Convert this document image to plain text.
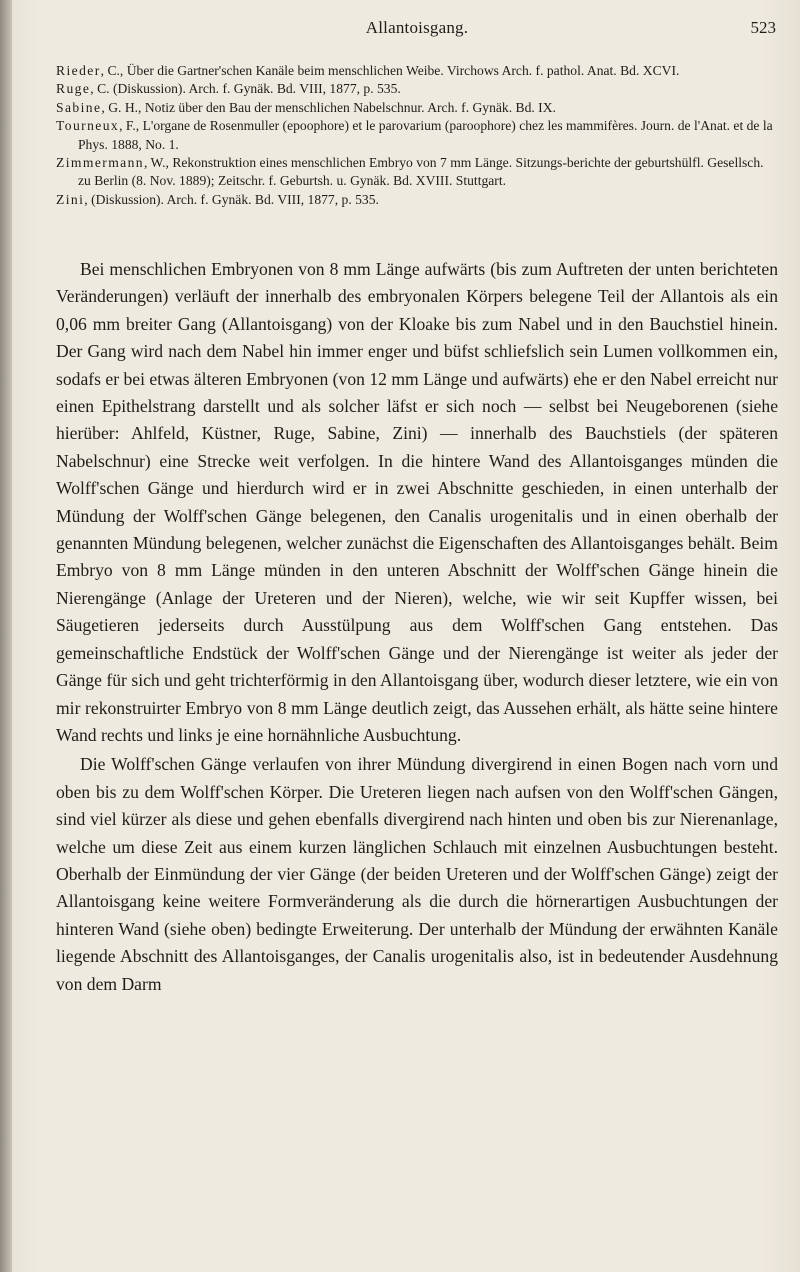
Allantoisgang.	523

Rieder, C., Über die Gartner'schen Kanäle beim menschlichen Weibe. Virchows Arch. f. pathol. Anat. Bd. XCVI.

Ruge, C. (Diskussion). Arch. f. Gynäk. Bd. VIII, 1877, p. 535.

Sabine, G. H., Notiz über den Bau der menschlichen Nabelschnur. Arch. f. Gynäk. Bd. IX.

Tourneux, F., L'organe de Rosenmuller (epoophore) et le parovarium (paroophore) chez les mammifères. Journ. de l'Anat. et de la Phys. 1888, No. 1.

Zimmermann, W., Rekonstruktion eines menschlichen Embryo von 7 mm Länge. Sitzungs-berichte der geburtshülfl. Gesellsch. zu Berlin (8. Nov. 1889); Zeitschr. f. Geburtsh. u. Gynäk. Bd. XVIII. Stuttgart.

Zini, (Diskussion). Arch. f. Gynäk. Bd. VIII, 1877, p. 535.

Bei menschlichen Embryonen von 8 mm Länge aufwärts (bis zum Auftreten der unten berichteten Veränderungen) verläuft der innerhalb des embryonalen Körpers belegene Teil der Allantois als ein 0,06 mm breiter Gang (Allantoisgang) von der Kloake bis zum Nabel und in den Bauchstiel hinein. Der Gang wird nach dem Nabel hin immer enger und büfst schliefslich sein Lumen vollkommen ein, sodafs er bei etwas älteren Embryonen (von 12 mm Länge und aufwärts) ehe er den Nabel erreicht nur einen Epithelstrang darstellt und als solcher läfst er sich noch — selbst bei Neugeborenen (siehe hierüber: Ahlfeld, Küstner, Ruge, Sabine, Zini) — innerhalb des Bauchstiels (der späteren Nabelschnur) eine Strecke weit verfolgen. In die hintere Wand des Allantoisganges münden die Wolff'schen Gänge und hierdurch wird er in zwei Abschnitte geschieden, in einen unterhalb der Mündung der Wolff'schen Gänge belegenen, den Canalis urogenitalis und in einen oberhalb der genannten Mündung belegenen, welcher zunächst die Eigenschaften des Allantoisganges behält. Beim Embryo von 8 mm Länge münden in den unteren Abschnitt der Wolff'schen Gänge hinein die Nierengänge (Anlage der Ureteren und der Nieren), welche, wie wir seit Kupffer wissen, bei Säugetieren jederseits durch Ausstülpung aus dem Wolff'schen Gang entstehen. Das gemeinschaftliche Endstück der Wolff'schen Gänge und der Nierengänge ist weiter als jeder der Gänge für sich und geht trichterförmig in den Allantoisgang über, wodurch dieser letztere, wie ein von mir rekonstruirter Embryo von 8 mm Länge deutlich zeigt, das Aussehen erhält, als hätte seine hintere Wand rechts und links je eine hornähnliche Ausbuchtung.

Die Wolff'schen Gänge verlaufen von ihrer Mündung divergirend in einen Bogen nach vorn und oben bis zu dem Wolff'schen Körper. Die Ureteren liegen nach aufsen von den Wolff'schen Gängen, sind viel kürzer als diese und gehen ebenfalls divergirend nach hinten und oben bis zur Nierenanlage, welche um diese Zeit aus einem kurzen länglichen Schlauch mit einzelnen Ausbuchtungen besteht. Oberhalb der Einmündung der vier Gänge (der beiden Ureteren und der Wolff'schen Gänge) zeigt der Allantoisgang keine weitere Formveränderung als die durch die hörnerartigen Ausbuchtungen der hinteren Wand (siehe oben) bedingte Erweiterung. Der unterhalb der Mündung der erwähnten Kanäle liegende Abschnitt des Allantoisganges, der Canalis urogenitalis also, ist in bedeutender Ausdehnung von dem Darm
